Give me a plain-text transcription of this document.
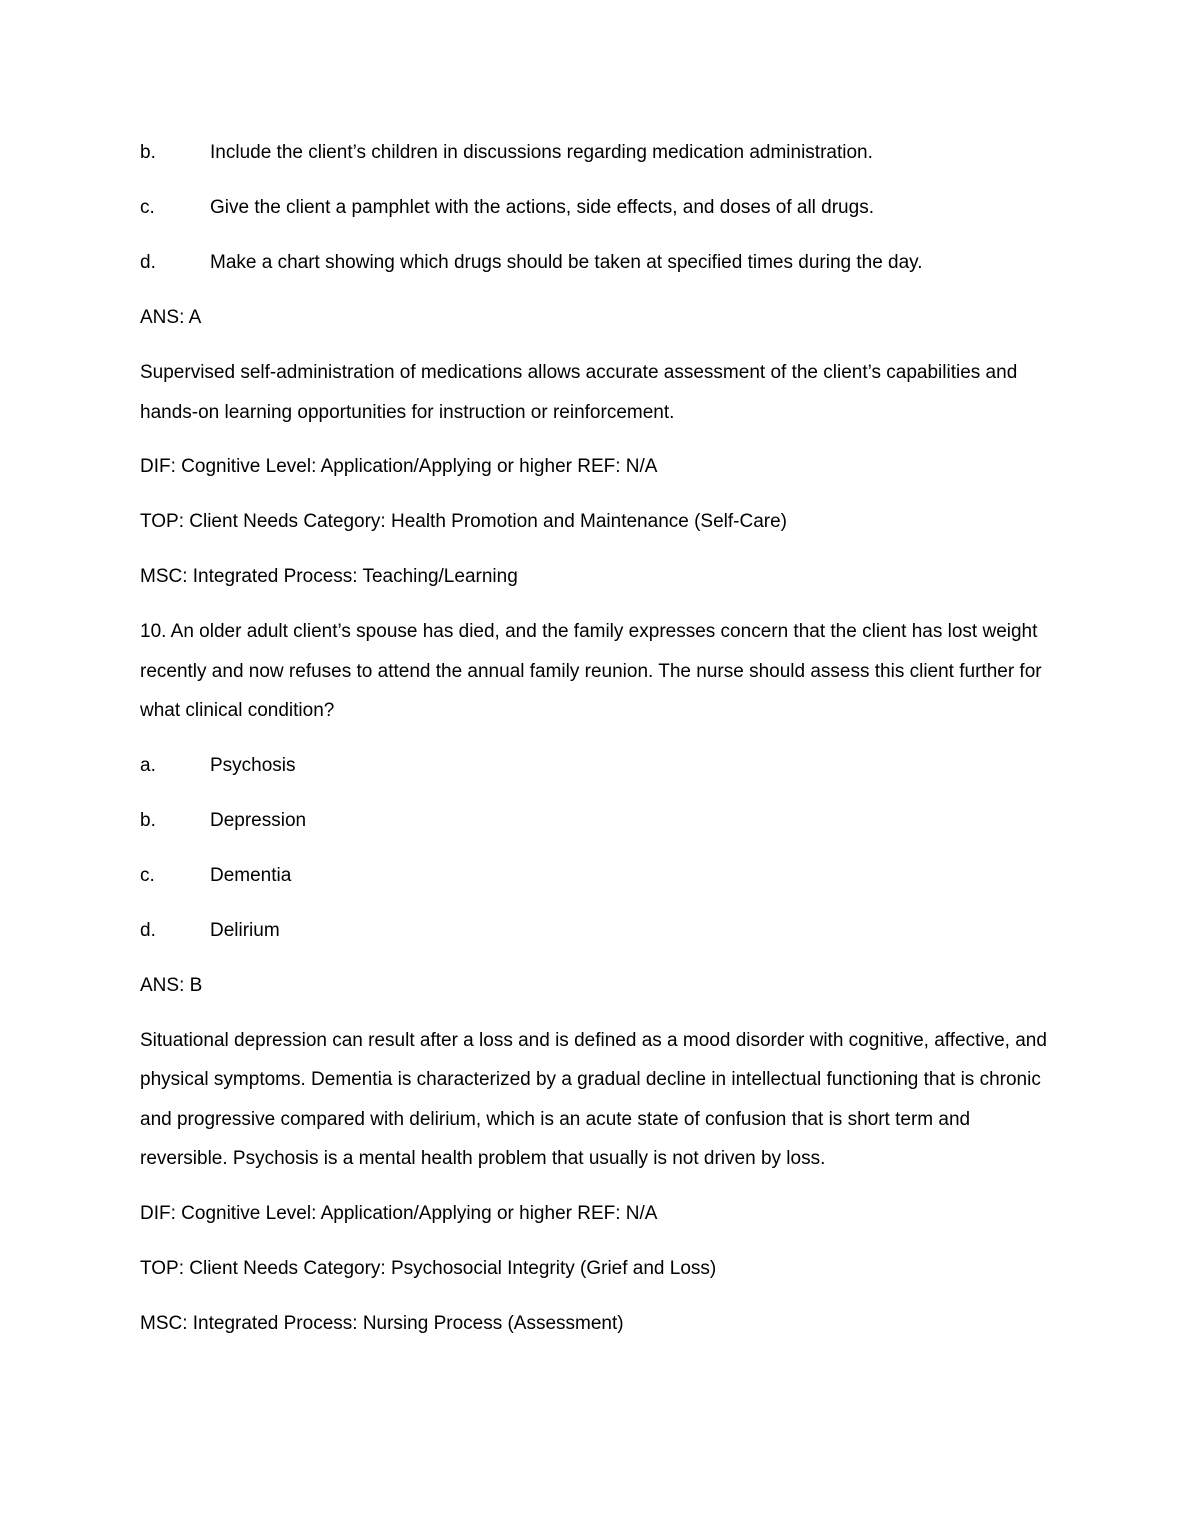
b.	Include the client’s children in discussions regarding medication administration.
c.	Give the client a pamphlet with the actions, side effects, and doses of all drugs.
d.	Make a chart showing which drugs should be taken at specified times during the day.
ANS: A
Supervised self-administration of medications allows accurate assessment of the client’s capabilities and hands-on learning opportunities for instruction or reinforcement.
DIF: Cognitive Level: Application/Applying or higher REF: N/A
TOP: Client Needs Category: Health Promotion and Maintenance (Self-Care)
MSC: Integrated Process: Teaching/Learning
10. An older adult client’s spouse has died, and the family expresses concern that the client has lost weight recently and now refuses to attend the annual family reunion. The nurse should assess this client further for what clinical condition?
a.	Psychosis
b.	Depression
c.	Dementia
d.	Delirium
ANS: B
Situational depression can result after a loss and is defined as a mood disorder with cognitive, affective, and physical symptoms. Dementia is characterized by a gradual decline in intellectual functioning that is chronic and progressive compared with delirium, which is an acute state of confusion that is short term and reversible. Psychosis is a mental health problem that usually is not driven by loss.
DIF: Cognitive Level: Application/Applying or higher REF: N/A
TOP: Client Needs Category: Psychosocial Integrity (Grief and Loss)
MSC: Integrated Process: Nursing Process (Assessment)
